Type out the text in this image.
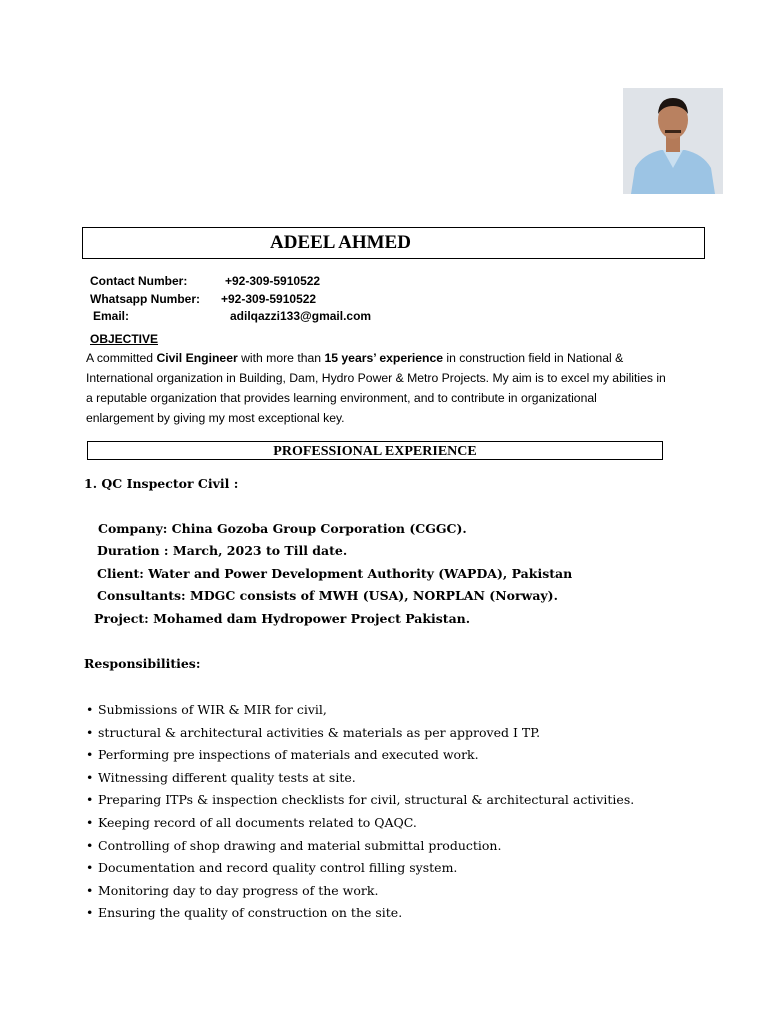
ADEEL AHMED
Contact Number:	+92-309-5910522
Whatsapp Number: +92-309-5910522
Email:	adilqazzi133@gmail.com
OBJECTIVE
A committed Civil Engineer with more than 15 years’ experience in construction field in National & International organization in Building, Dam, Hydro Power & Metro Projects. My aim is to excel my abilities in a reputable organization that provides learning environment, and to contribute in organizational enlargement by giving my most exceptional key.
PROFESSIONAL EXPERIENCE
1. QC Inspector Civil :
Company: China Gozoba Group Corporation (CGGC).
Duration : March, 2023 to Till date.
Client: Water and Power Development Authority (WAPDA), Pakistan
Consultants: MDGC consists of MWH (USA), NORPLAN (Norway).
Project: Mohamed dam Hydropower Project Pakistan.
Responsibilities:
• Submissions of WIR & MIR for civil,
• structural & architectural activities & materials as per approved I TP.
• Performing pre inspections of materials and executed work.
• Witnessing different quality tests at site.
• Preparing ITPs & inspection checklists for civil, structural & architectural activities.
• Keeping record of all documents related to QAQC.
• Controlling of shop drawing and material submittal production.
• Documentation and record quality control filling system.
• Monitoring day to day progress of the work.
• Ensuring the quality of construction on the site.
